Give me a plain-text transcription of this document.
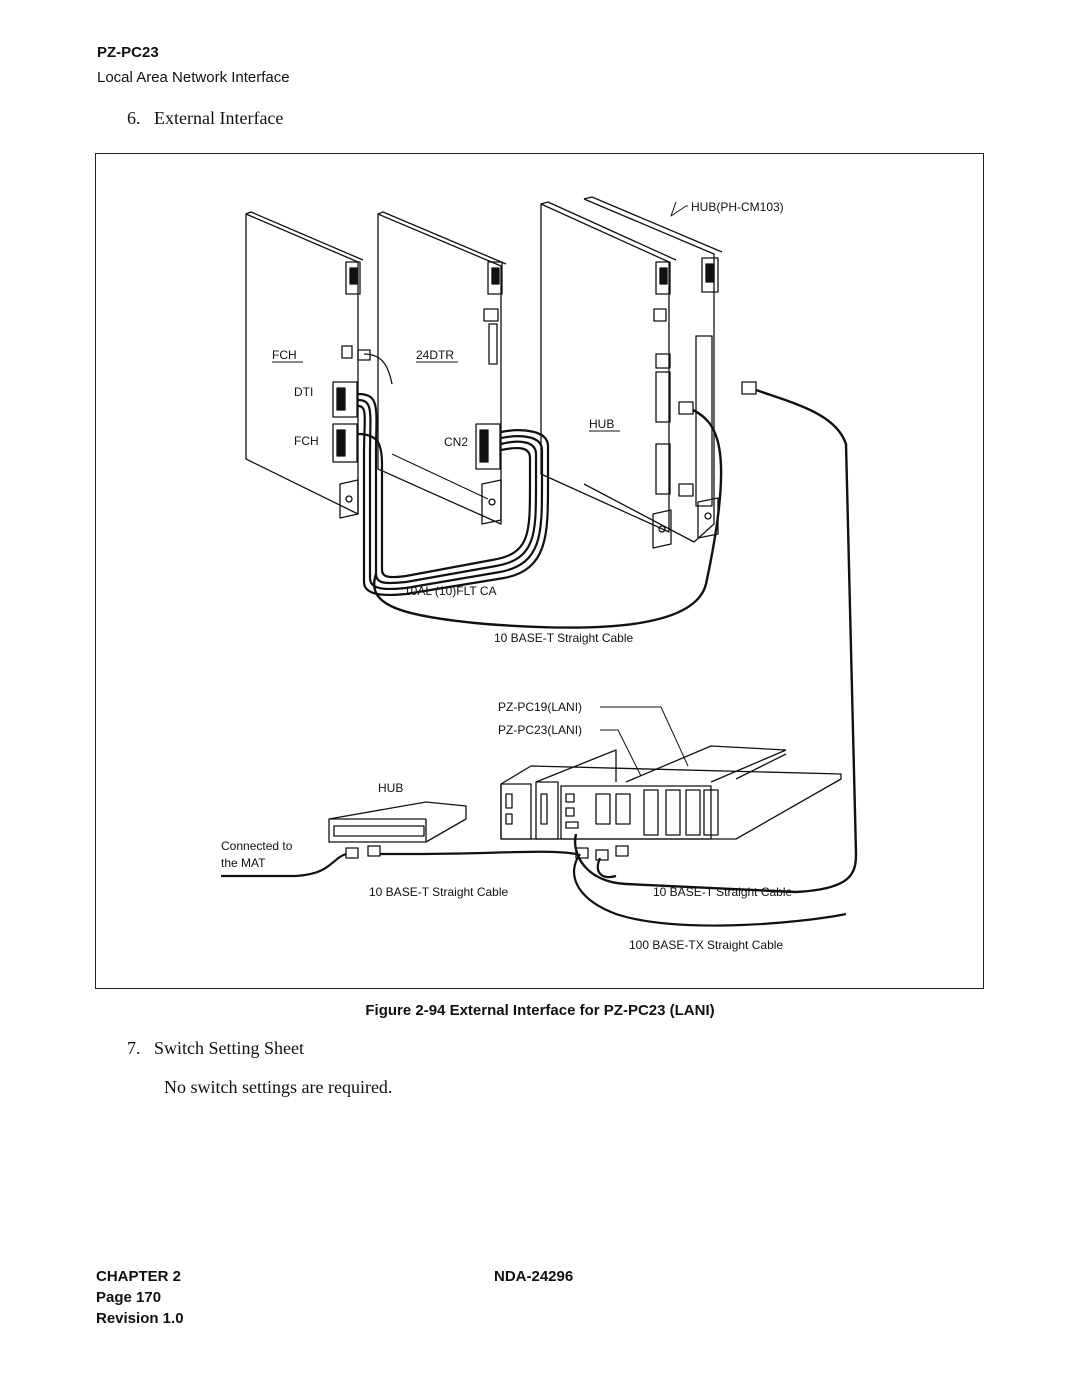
PZ-PC23
Local Area Network Interface
6. External Interface
HUB(PH-CM103)
FCH	24DTR
DTI
HUB
FCH	CN2
10AL (10)FLT CA
10 BASE-T Straight Cable
PZ-PC19(LANI)
PZ-PC23(LANI)
HUB
Connected to
the MAT
10 BASE-T Straight Cable	10 BASE-T Straight Cable
100 BASE-TX Straight Cable
Figure 2-94 External Interface for PZ-PC23 (LANI)
7. Switch Setting Sheet
No switch settings are required.
CHAPTER 2
Page 170
Revision 1.0
NDA-24296
